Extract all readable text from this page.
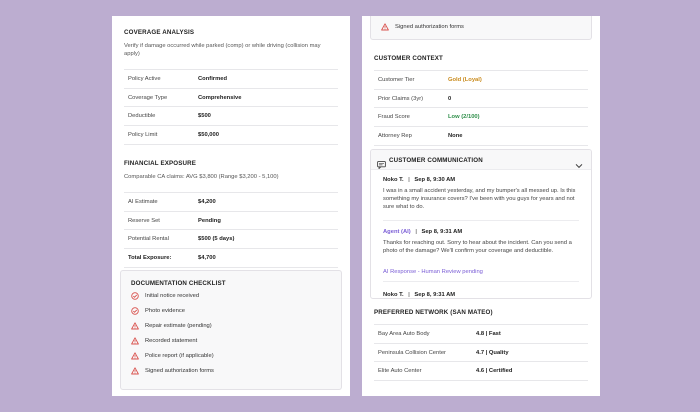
COVERAGE ANALYSIS
Verify if damage occurred while parked (comp) or while driving (collision may apply)
Policy Active	Confirmed
Coverage Type	Comprehensive
Deductible	$500
Policy Limit	$50,000
FINANCIAL EXPOSURE
Comparable CA claims: AVG $3,800 (Range $3,200 - 5,100)
AI Estimate	$4,200
Reserve Set	Pending
Potential Rental	$500 (5 days)
Total Exposure:	$4,700
DOCUMENTATION CHECKLIST
Initial notice received
Photo evidence
Repair estimate (pending)
Recorded statement
Police report (if applicable)
Signed authorization forms
Signed authorization forms
CUSTOMER CONTEXT
Customer Tier	Gold (Loyal)
Prior Claims (3yr)	0
Fraud Score	Low (2/100)
Attorney Rep	None
CUSTOMER COMMUNICATION
Noko T. | Sep 8, 9:30 AM
I was in a small accident yesterday, and my bumper's all messed up. Is this something my insurance covers? I've been with you guys for years and not sure what to do.
Agent (AI) | Sep 8, 9:31 AM
Thanks for reaching out. Sorry to hear about the incident. Can you send a photo of the damage? We'll confirm your coverage and deductible.
AI Response - Human Review pending
Noko T. | Sep 8, 9:31 AM
PREFERRED NETWORK (SAN MATEO)
Bay Area Auto Body	4.8 | Fast
Peninsula Collision Center	4.7 | Quality
Elite Auto Center	4.6 | Certified
